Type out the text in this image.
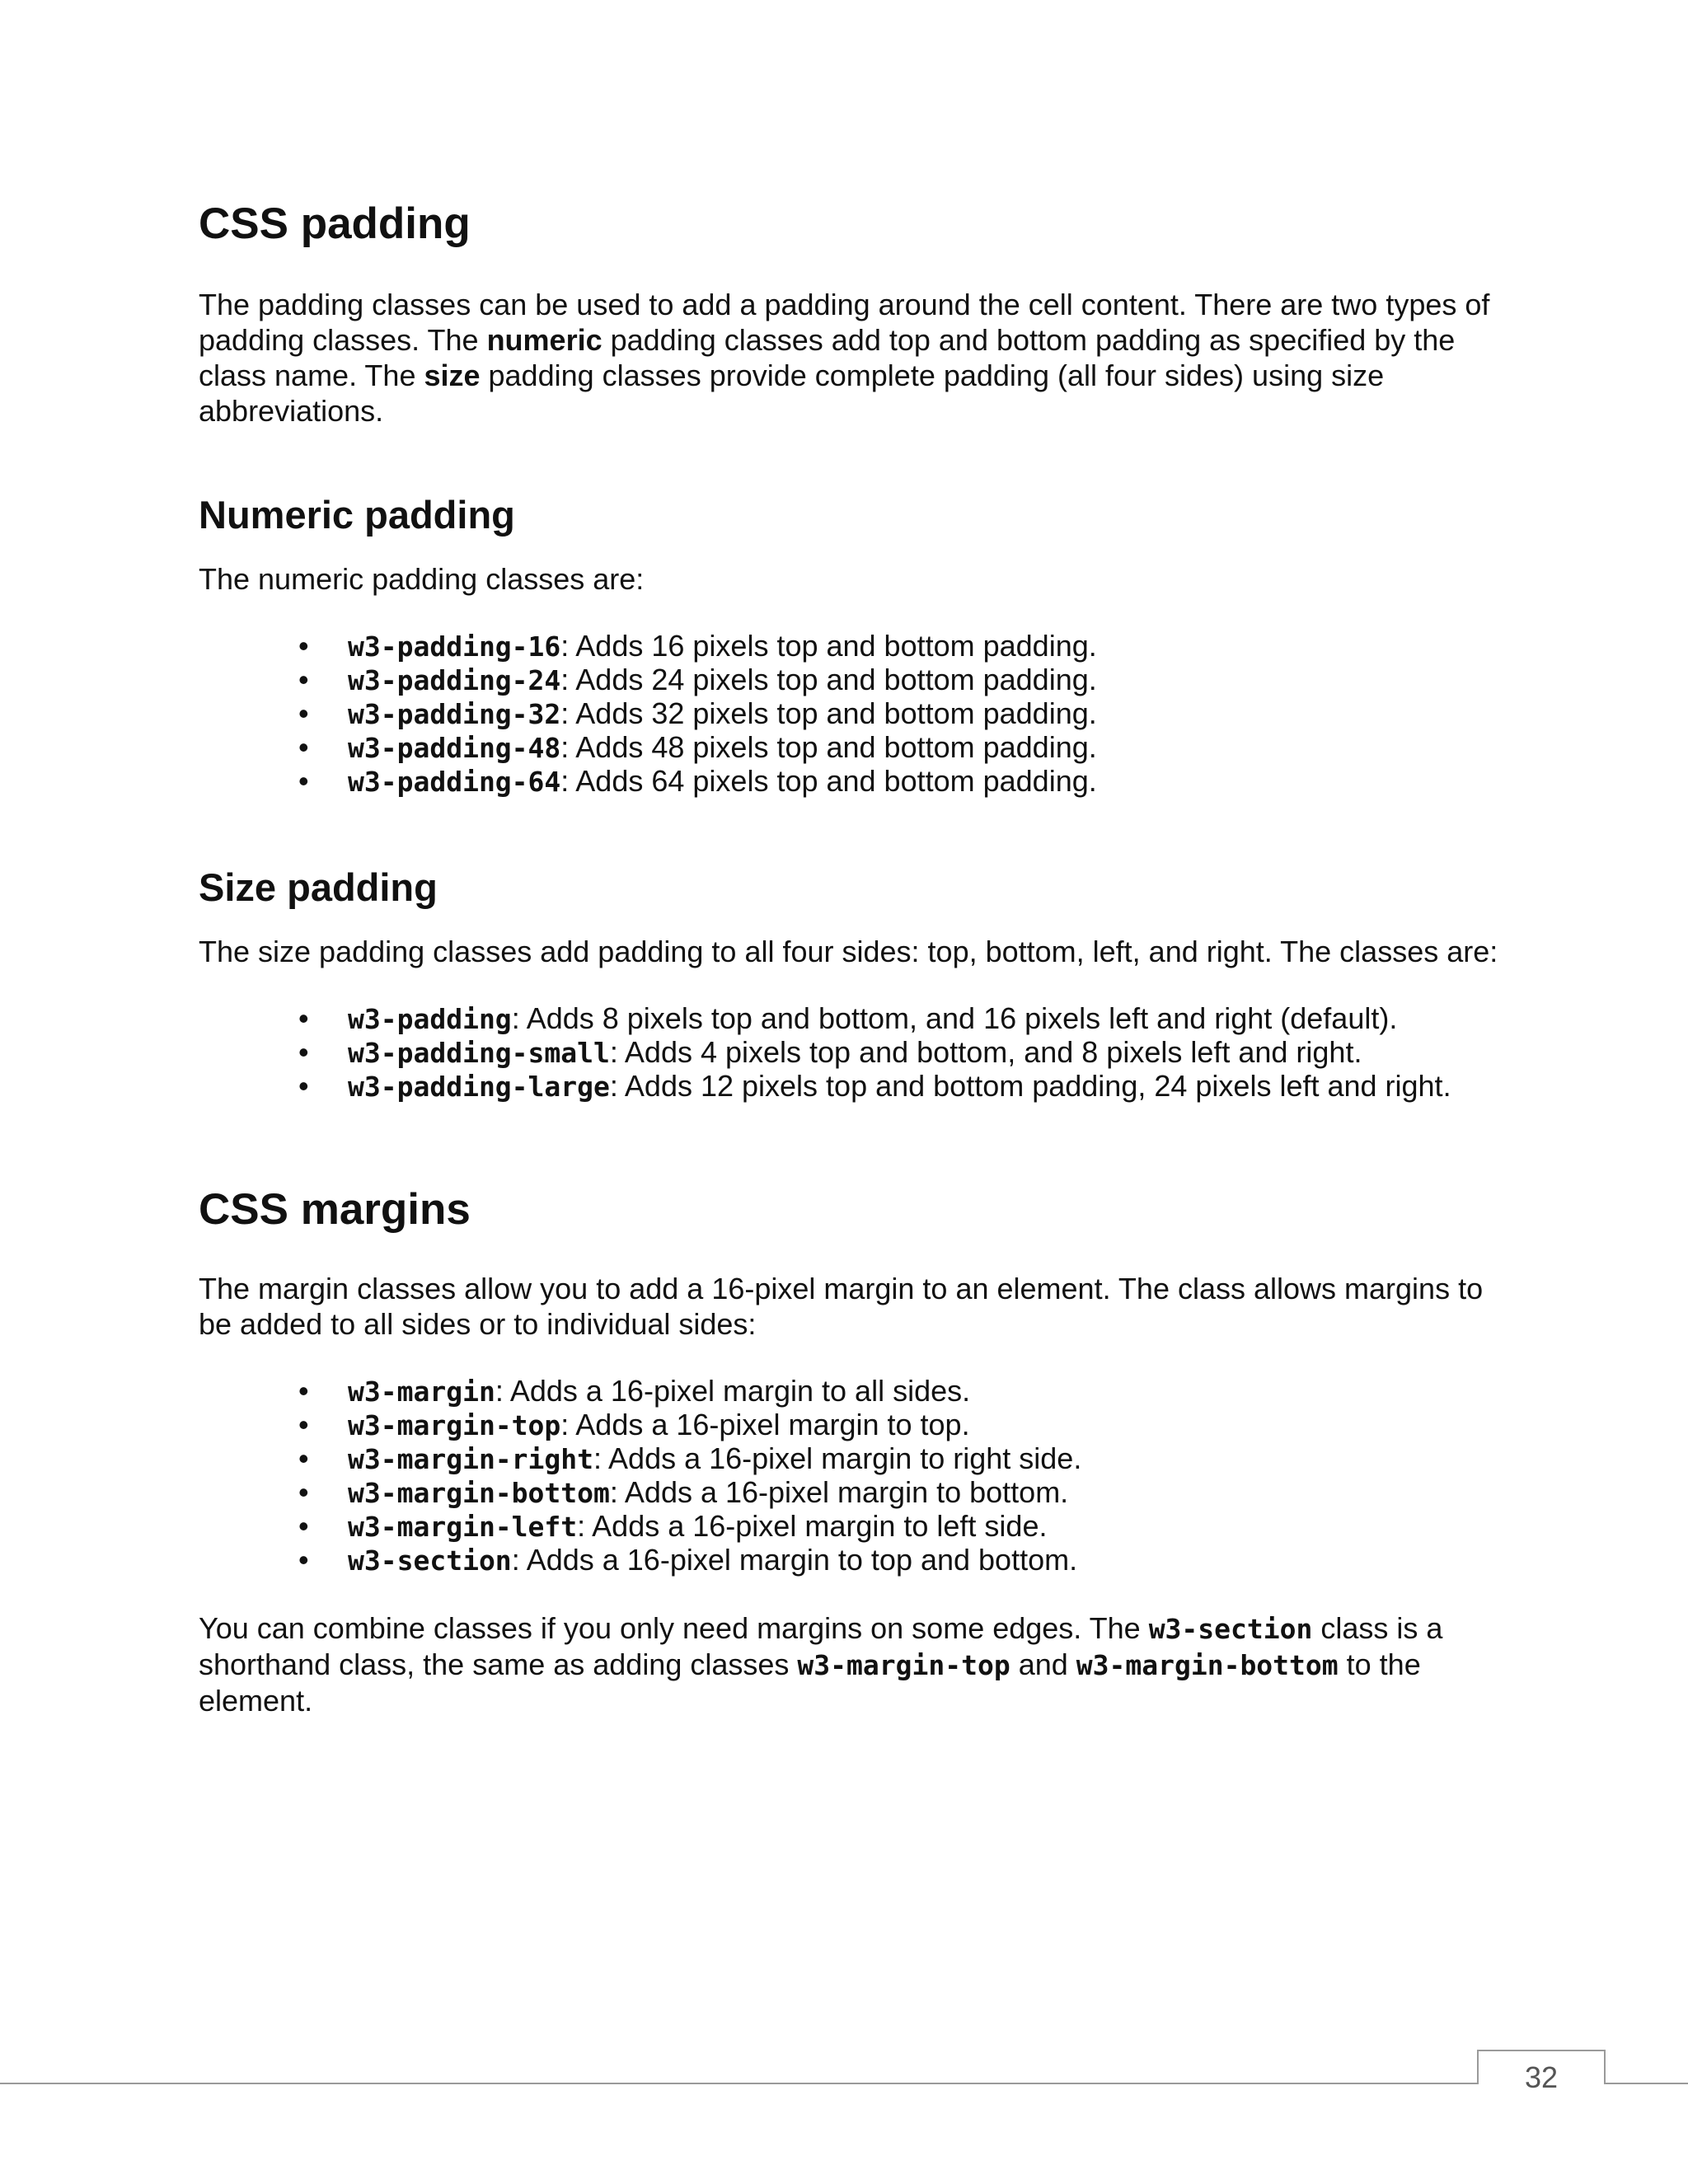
CSS padding

The padding classes can be used to add a padding around the cell content. There are two types of padding classes. The numeric padding classes add top and bottom padding as specified by the class name. The size padding classes provide complete padding (all four sides) using size abbreviations.

Numeric padding

The numeric padding classes are:

• w3-padding-16: Adds 16 pixels top and bottom padding.
• w3-padding-24: Adds 24 pixels top and bottom padding.
• w3-padding-32: Adds 32 pixels top and bottom padding.
• w3-padding-48: Adds 48 pixels top and bottom padding.
• w3-padding-64: Adds 64 pixels top and bottom padding.
Size padding

The size padding classes add padding to all four sides: top, bottom, left, and right. The classes are:

• w3-padding: Adds 8 pixels top and bottom, and 16 pixels left and right (default).
• w3-padding-small: Adds 4 pixels top and bottom, and 8 pixels left and right.
• w3-padding-large: Adds 12 pixels top and bottom padding, 24 pixels left and right.
CSS margins

The margin classes allow you to add a 16-pixel margin to an element. The class allows margins to be added to all sides or to individual sides:

• w3-margin: Adds a 16-pixel margin to all sides.
• w3-margin-top: Adds a 16-pixel margin to top.
• w3-margin-right: Adds a 16-pixel margin to right side.
• w3-margin-bottom: Adds a 16-pixel margin to bottom.
• w3-margin-left: Adds a 16-pixel margin to left side.
• w3-section: Adds a 16-pixel margin to top and bottom.

You can combine classes if you only need margins on some edges. The w3-section class is a shorthand class, the same as adding classes w3-margin-top and w3-margin-bottom to the element.

32
